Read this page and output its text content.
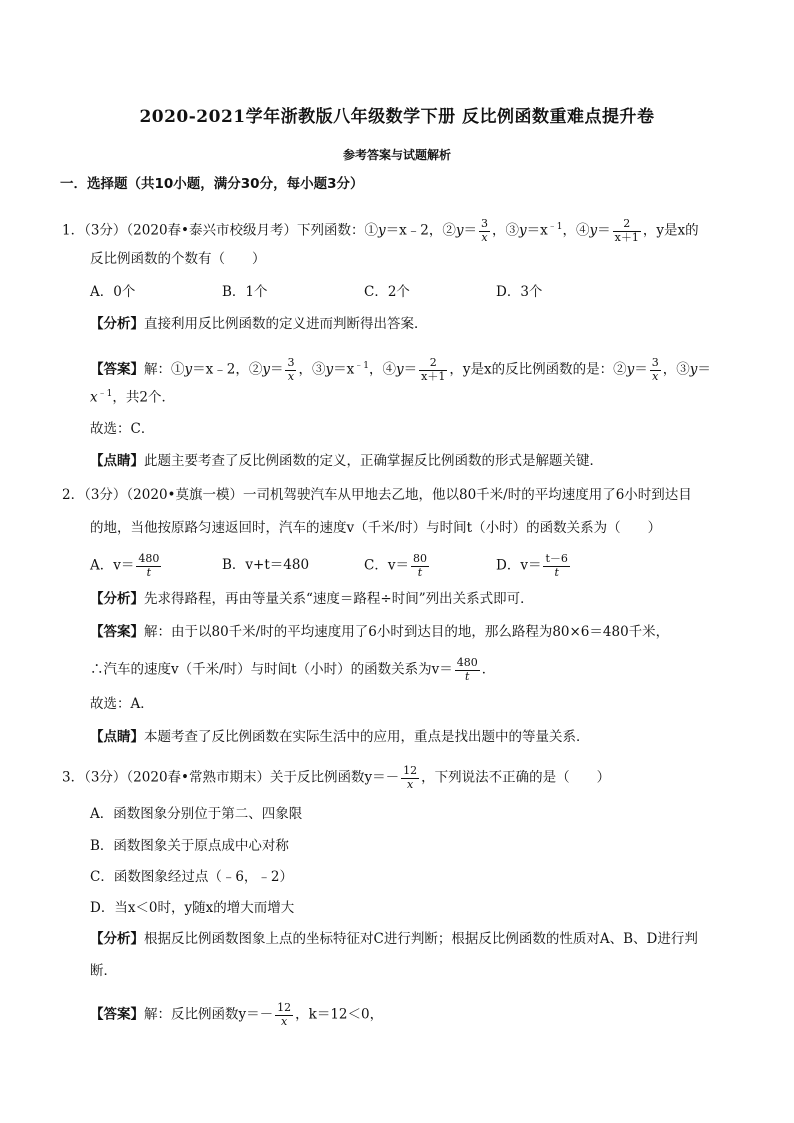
2020-2021学年浙教版八年级数学下册 反比例函数重难点提升卷
参考答案与试题解析
一．选择题（共10小题，满分30分，每小题3分）
1．（3分）（2020春•泰兴市校级月考）下列函数：①y＝x﹣2，②y＝ $\frac{3}{x}$ ，$③y=x^{﹣1}$，④y＝ $\frac{2}{x+1}$ ，y是x的
反比例函数的个数有（　　）
A．0个	B．1个	C．2个	D．3个
【分析】直接利用反比例函数的定义进而判断得出答案．
【答案】解：①y＝x﹣2，②y＝ $\frac{3}{x}$ ，$③y=x^{﹣1}$，④y＝ $\frac{2}{x+1}$ ，y是x的反比例函数的是：②y＝ $\frac{3}{x}$ ，③y＝
$x^{﹣1}$，共2个．
故选：C．
【点睛】此题主要考查了反比例函数的定义，正确掌握反比例函数的形式是解题关键．
2．（3分）（2020•莫旗一模）一司机驾驶汽车从甲地去乙地，他以80千米/时的平均速度用了6小时到达目
的地，当他按原路匀速返回时，汽车的速度v（千米/时）与时间t（小时）的函数关系为（　　）
A．$v= \frac{480}{t}$	B．v+t＝480	C．$v= \frac{80}{t}$	D．$v= \frac{t-6}{t}$
【分析】先求得路程，再由等量关系“速度＝路程÷时间”列出关系式即可．
【答案】解：由于以80千米/时的平均速度用了6小时到达目的地，那么路程为80×6＝480千米，
∴汽车的速度v（千米/时）与时间t（小时）的函数关系为$v= \frac{480}{t}$ ．
故选：A．
【点睛】本题考查了反比例函数在实际生活中的应用，重点是找出题中的等量关系．
3．（3分）（2020春•常熟市期末）关于反比例函数$y=- \frac{12}{x}$ ，下列说法不正确的是（　　）
A．函数图象分别位于第二、四象限
B．函数图象关于原点成中心对称
C．函数图象经过点（﹣6，﹣2）
D．当x＜0时，y随x的增大而增大
【分析】根据反比例函数图象上点的坐标特征对C进行判断；根据反比例函数的性质对A、B、D进行判
断．
【答案】解：反比例函数$y=- \frac{12}{x}$ ，k＝12＜0，
